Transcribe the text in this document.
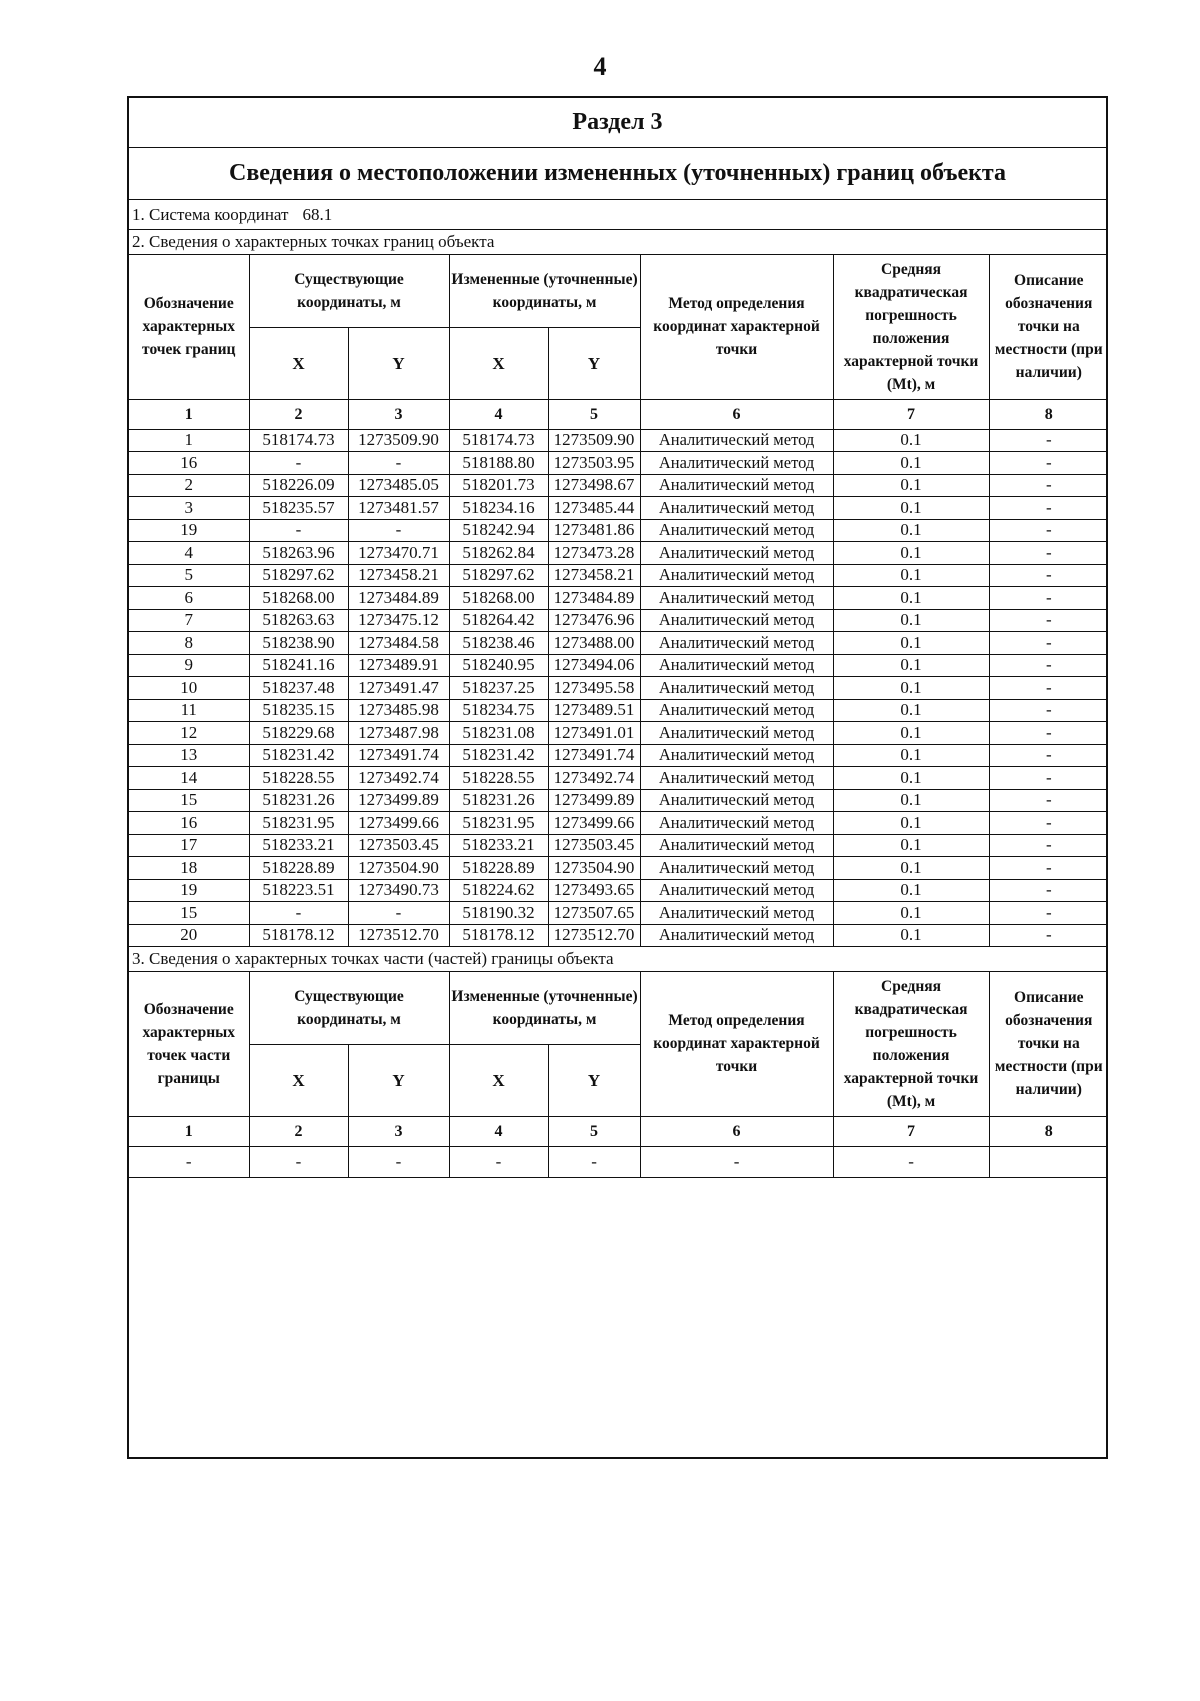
4
Раздел 3
Сведения о местоположении измененных (уточненных) границ объекта
1. Система координат 68.1
2. Сведения о характерных точках границ объекта
Обозначение характерных точек границ	Существующие координаты, м		Измененные (уточненные) координаты, м		Метод определения координат характерной точки	Средняя квадратическая погрешность положения характерной точки (Mt), м	Описание обозначения точки на местности (при наличии)
	X	Y	X	Y			
1	2	3	4	5	6	7	8
1	518174.73	1273509.90	518174.73	1273509.90	Аналитический метод	0.1	-
16	-	-	518188.80	1273503.95	Аналитический метод	0.1	-
2	518226.09	1273485.05	518201.73	1273498.67	Аналитический метод	0.1	-
3	518235.57	1273481.57	518234.16	1273485.44	Аналитический метод	0.1	-
19	-	-	518242.94	1273481.86	Аналитический метод	0.1	-
4	518263.96	1273470.71	518262.84	1273473.28	Аналитический метод	0.1	-
5	518297.62	1273458.21	518297.62	1273458.21	Аналитический метод	0.1	-
6	518268.00	1273484.89	518268.00	1273484.89	Аналитический метод	0.1	-
7	518263.63	1273475.12	518264.42	1273476.96	Аналитический метод	0.1	-
8	518238.90	1273484.58	518238.46	1273488.00	Аналитический метод	0.1	-
9	518241.16	1273489.91	518240.95	1273494.06	Аналитический метод	0.1	-
10	518237.48	1273491.47	518237.25	1273495.58	Аналитический метод	0.1	-
11	518235.15	1273485.98	518234.75	1273489.51	Аналитический метод	0.1	-
12	518229.68	1273487.98	518231.08	1273491.01	Аналитический метод	0.1	-
13	518231.42	1273491.74	518231.42	1273491.74	Аналитический метод	0.1	-
14	518228.55	1273492.74	518228.55	1273492.74	Аналитический метод	0.1	-
15	518231.26	1273499.89	518231.26	1273499.89	Аналитический метод	0.1	-
16	518231.95	1273499.66	518231.95	1273499.66	Аналитический метод	0.1	-
17	518233.21	1273503.45	518233.21	1273503.45	Аналитический метод	0.1	-
18	518228.89	1273504.90	518228.89	1273504.90	Аналитический метод	0.1	-
19	518223.51	1273490.73	518224.62	1273493.65	Аналитический метод	0.1	-
15	-	-	518190.32	1273507.65	Аналитический метод	0.1	-
20	518178.12	1273512.70	518178.12	1273512.70	Аналитический метод	0.1	-
3. Сведения о характерных точках части (частей) границы объекта
Обозначение характерных точек части границы	Существующие координаты, м		Измененные (уточненные) координаты, м		Метод определения координат характерной точки	Средняя квадратическая погрешность положения характерной точки (Mt), м	Описание обозначения точки на местности (при наличии)
	X	Y	X	Y			
1	2	3	4	5	6	7	8
-	-	-	-	-	-	-	
